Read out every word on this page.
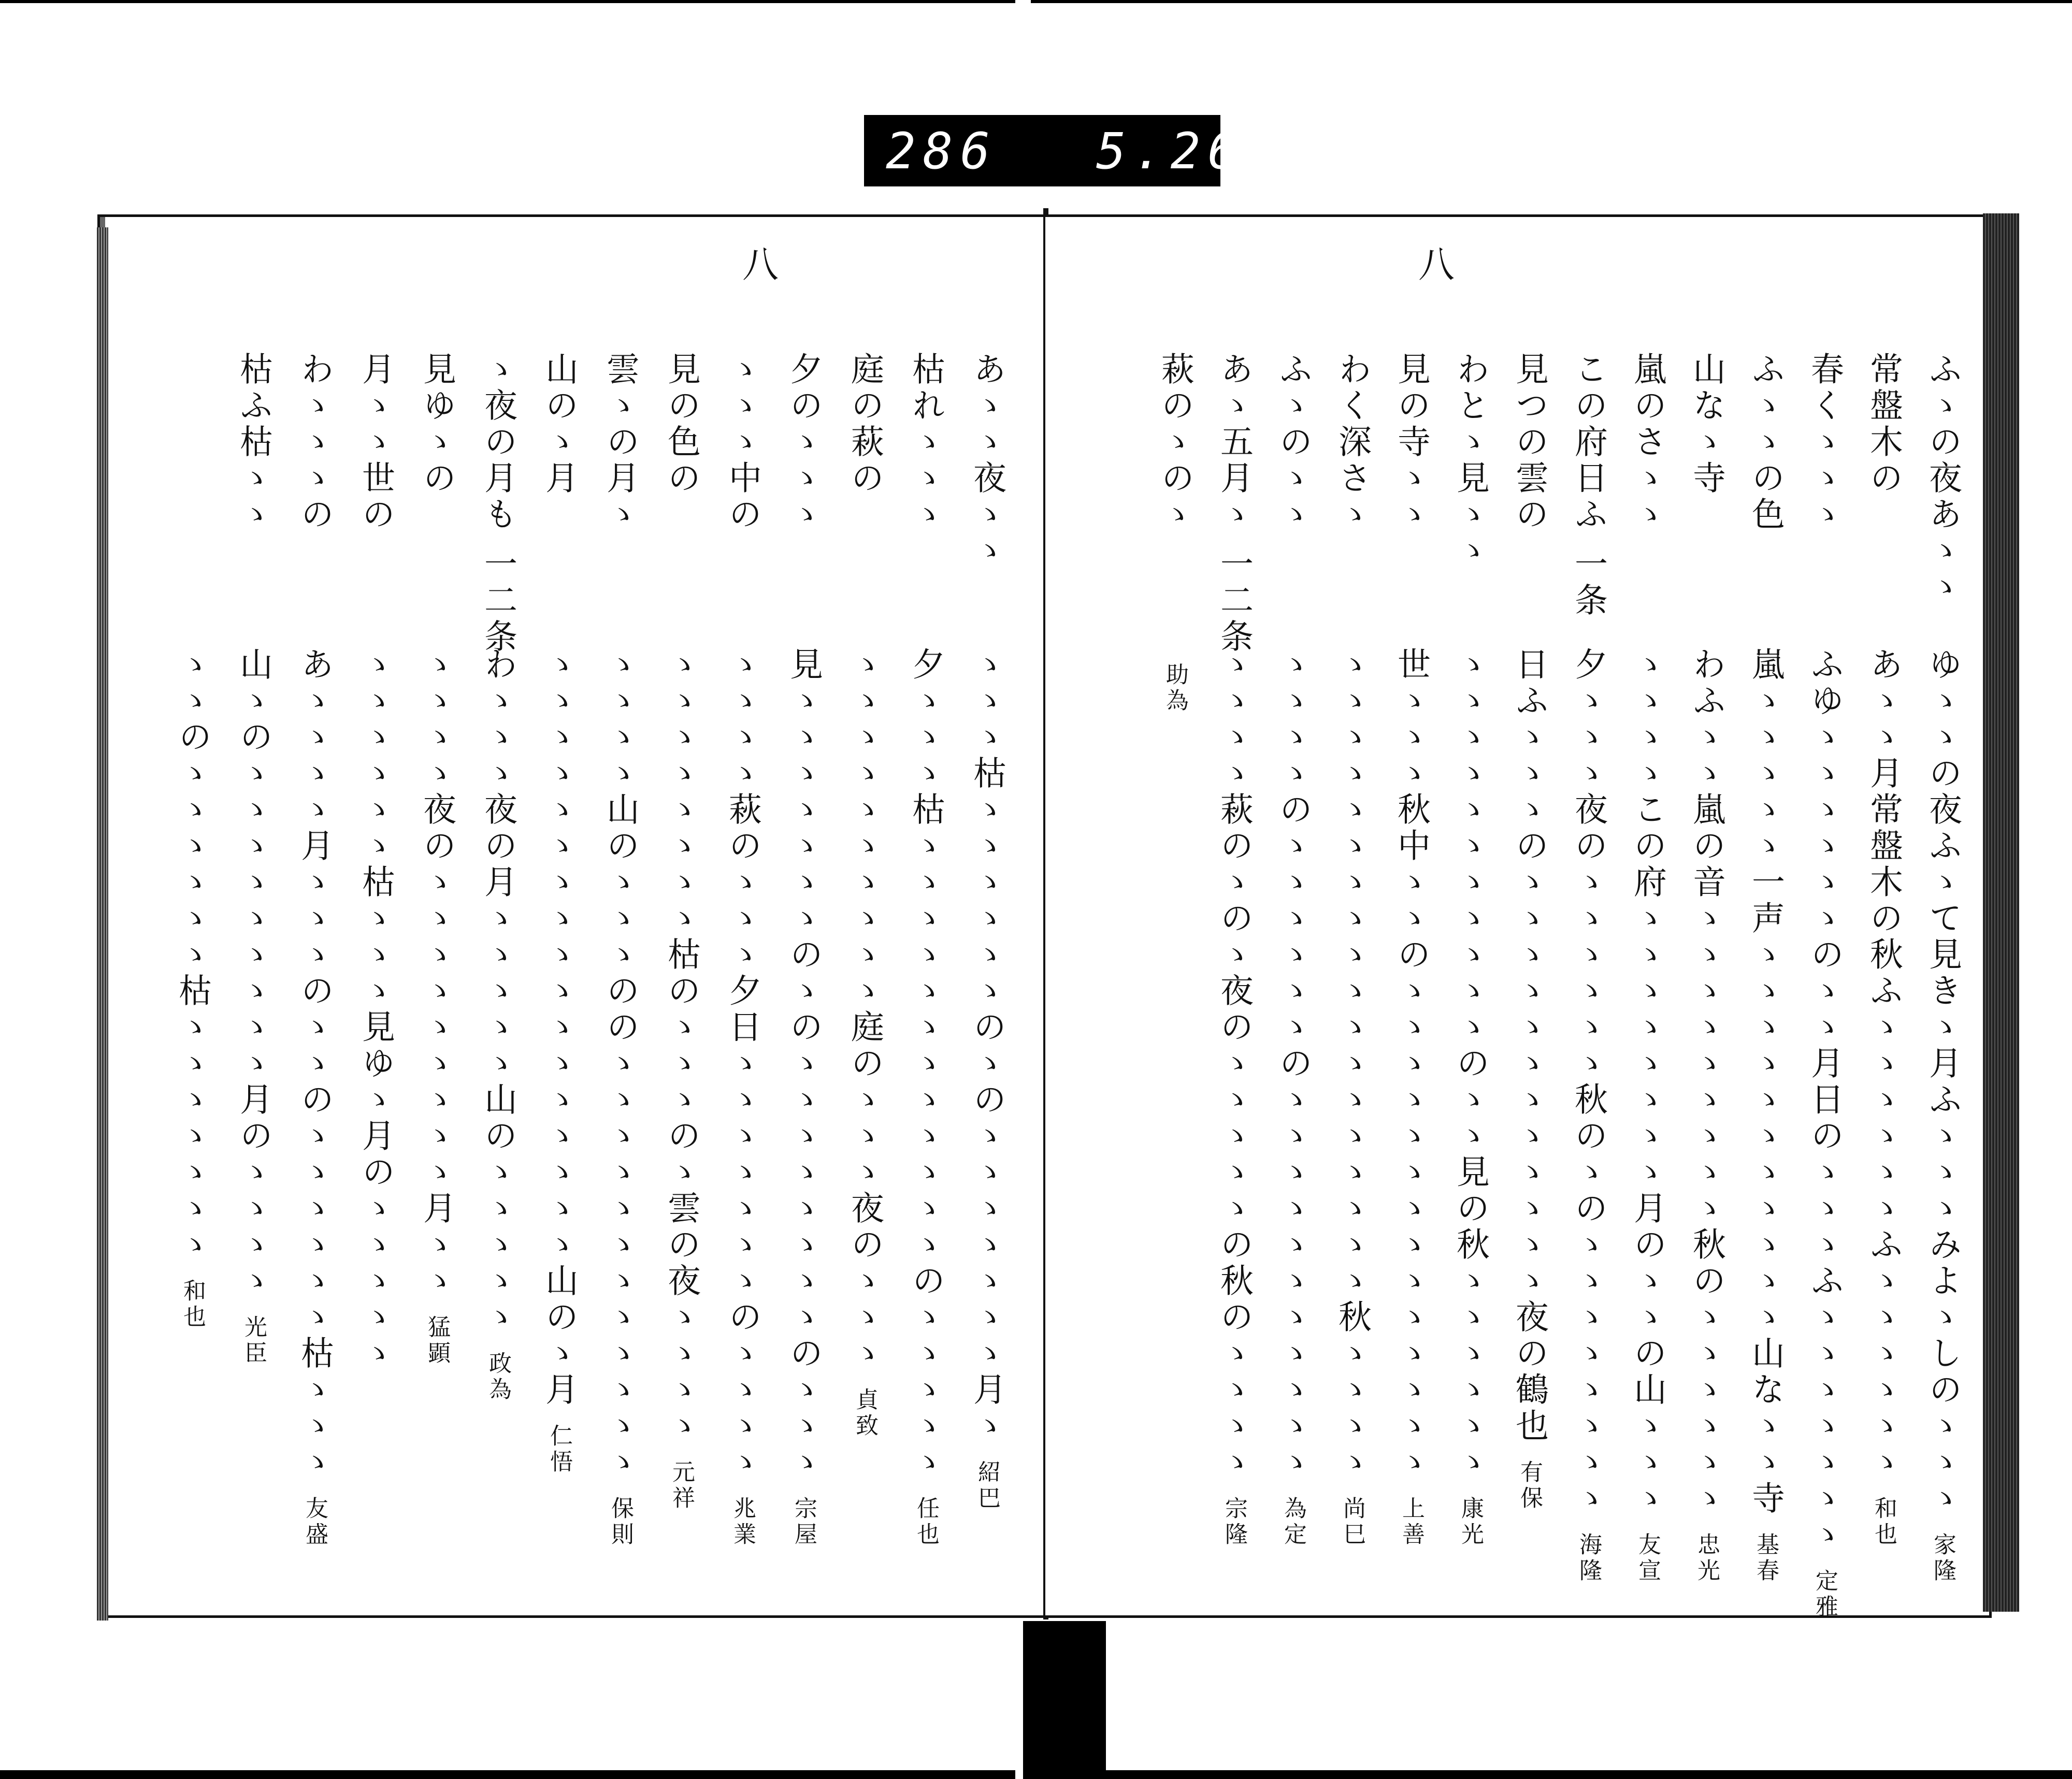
286 5.26
八
あゝゝ夜ゝゝ
枯れゝゝゝ
庭の萩の
夕のゝゝゝ
ゝゝゝ中の
見の色の
雲ゝの月ゝ
山のゝ月
ゝ夜の月も 一二条
見ゆゝの
月ゝゝ世の
わゝゝゝの
枯ふ枯ゝゝ
ゝゝゝ枯ゝゝゝゝゝゝのゝのゝゝゝゝゝゝゝ月ゝ紹巴
夕ゝゝゝ枯ゝゝゝゝゝゝゝゝゝゝゝゝのゝゝゝゝゝ任也
ゝゝゝゝゝゝゝゝゝゝ庭のゝゝゝ夜のゝゝゝ貞致
見ゝゝゝゝゝゝゝのゝのゝゝゝゝゝゝゝゝのゝゝゝ宗屋
ゝゝゝゝ萩のゝゝゝ夕日ゝゝゝゝゝゝゝのゝゝゝゝ兆業
ゝゝゝゝゝゝゝゝ枯のゝゝゝのゝ雲の夜ゝゝゝゝ元祥
ゝゝゝゝ山のゝゝゝののゝゝゝゝゝゝゝゝゝゝゝゝ保則
ゝゝゝゝゝゝゝゝゝゝゝゝゝゝゝゝゝ山のゝ月仁悟
わゝゝゝ夜の月ゝゝゝゝゝ山のゝゝゝゝゝ政為
ゝゝゝゝ夜のゝゝゝゝゝゝゝゝゝ月ゝゝ猛顕
ゝゝゝゝゝゝ枯ゝゝゝ見ゆゝ月のゝゝゝゝゝ
あゝゝゝゝ月ゝゝゝのゝゝのゝゝゝゝゝゝ枯ゝゝゝ友盛
山ゝのゝゝゝゝゝゝゝゝゝ月のゝゝゝゝ光臣
ゝゝのゝゝゝゝゝゝ枯ゝゝゝゝゝゝゝ和也
八
ふゝの夜あゝゝ
常盤木の
春くゝゝゝ
ふゝゝの色
山なゝ寺
嵐のさゝゝ
この府日ふ 一条
見つの雲の
わとゝ見ゝゝ
見の寺ゝゝ
わく深さゝ
ふゝのゝゝ
あゝ五月ゝ 一二条
萩のゝのゝ
ゆゝゝの夜ふゝて見きゝ月ふゝゝゝみよゝしのゝゝゝ家隆
あゝゝ月常盤木の秋ふゝゝゝゝゝゝふゝゝゝゝゝゝ和也
ふゆゝゝゝゝゝゝのゝゝ月日のゝゝゝふゝゝゝゝゝゝゝ定雅
嵐ゝゝゝゝゝ一声ゝゝゝゝゝゝゝゝゝゝゝ山なゝゝ寺基春
わふゝゝ嵐の音ゝゝゝゝゝゝゝゝゝ秋のゝゝゝゝゝゝ忠光
ゝゝゝゝこの府ゝゝゝゝゝゝゝゝ月のゝゝの山ゝゝゝ友宣
夕ゝゝゝ夜のゝゝゝゝゝゝ秋のゝのゝゝゝゝゝゝゝゝ海隆
日ふゝゝゝのゝゝゝゝゝゝゝゝゝゝゝゝ夜の鶴也有保
ゝゝゝゝゝゝゝゝゝゝゝのゝゝ見の秋ゝゝゝゝゝゝ康光
世ゝゝゝ秋中ゝゝのゝゝゝゝゝゝゝゝゝゝゝゝゝゝ上善
ゝゝゝゝゝゝゝゝゝゝゝゝゝゝゝゝゝゝ秋ゝゝゝゝ尚巳
ゝゝゝゝのゝゝゝゝゝゝのゝゝゝゝゝゝゝゝゝゝゝ為定
ゝゝゝゝ萩のゝのゝ夜のゝゝゝゝゝの秋のゝゝゝゝ宗隆
助為
